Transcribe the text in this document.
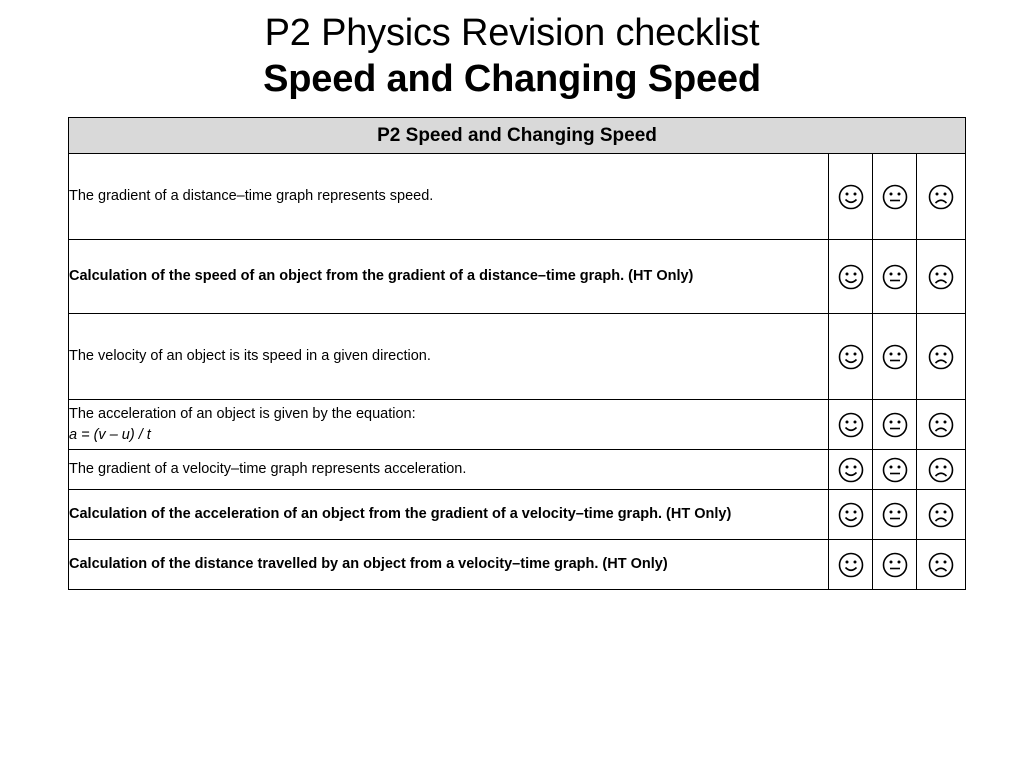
P2 Physics Revision checklist
Speed and Changing Speed
P2 Speed and Changing Speed			
The gradient of a distance–time graph represents speed.			
Calculation of the speed of an object from the gradient of a distance–time graph. (HT Only)			
The velocity of an object is its speed in a given direction.			
The acceleration of an object is given by the equation:
a = (v – u) / t			
The gradient of a velocity–time graph represents acceleration.			
Calculation of the acceleration of an object from the gradient of a velocity–time graph. (HT Only)			
Calculation of the distance travelled by an object from a velocity–time graph. (HT Only)			
